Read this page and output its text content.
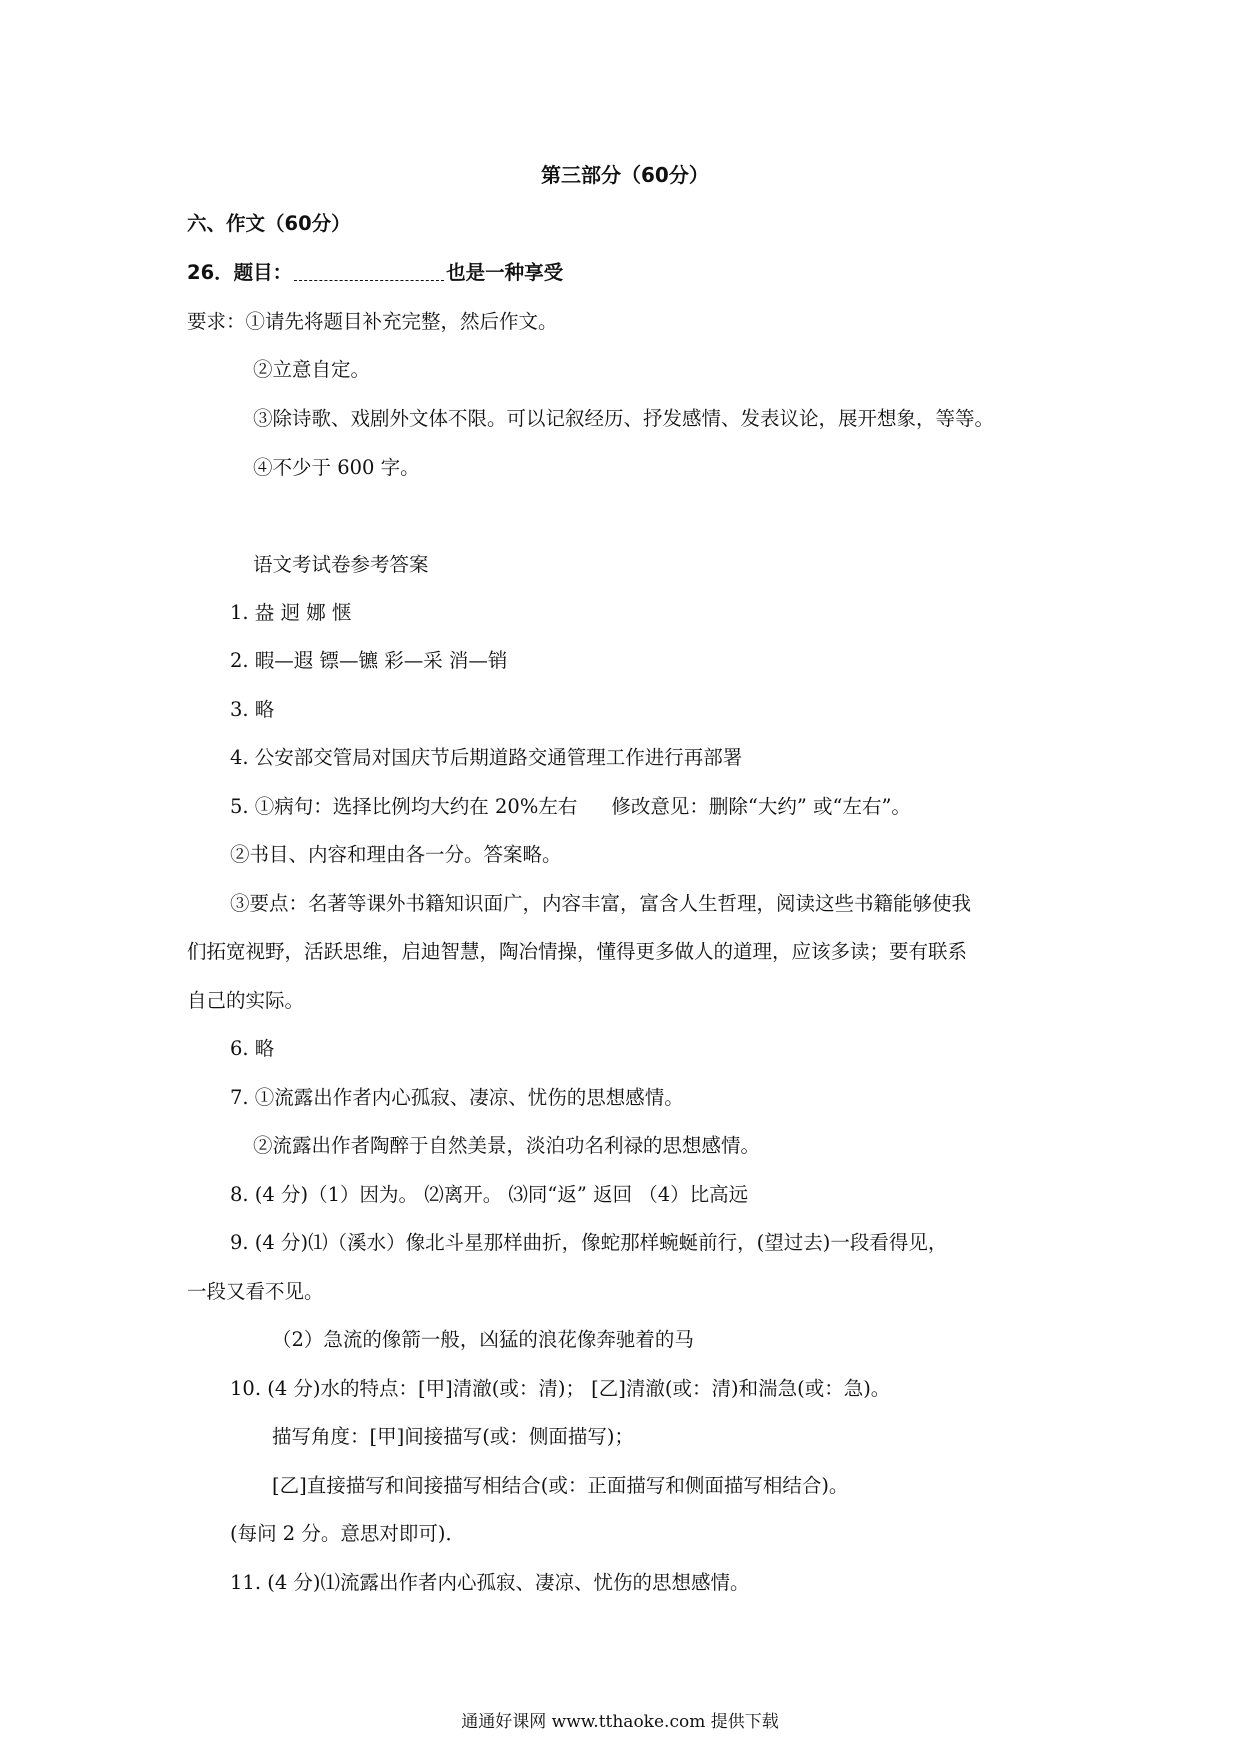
第三部分（60分）
六、作文（60分）
26．题目：	也是一种享受
要求：①请先将题目补充完整，然后作文。
②立意自定。
③除诗歌、戏剧外文体不限。可以记叙经历、抒发感情、发表议论，展开想象，等等。
④不少于 600 字。
语文考试卷参考答案
1. 盎 迥 娜 惬
2. 暇—遐 镖—镳 彩—采 消—销
3. 略
4. 公安部交管局对国庆节后期道路交通管理工作进行再部署
5. ①病句：选择比例均大约在 20%左右 修改意见：删除“大约” 或“左右”。
②书目、内容和理由各一分。答案略。
③要点：名著等课外书籍知识面广，内容丰富，富含人生哲理，阅读这些书籍能够使我
们拓宽视野，活跃思维，启迪智慧，陶冶情操，懂得更多做人的道理，应该多读；要有联系
自己的实际。
6. 略
7. ①流露出作者内心孤寂、凄凉、忧伤的思想感情。
②流露出作者陶醉于自然美景，淡泊功名利禄的思想感情。
8. (4 分)（1）因为。 ⑵离开。 ⑶同“返” 返回 （4）比高远
9. (4 分)⑴（溪水）像北斗星那样曲折，像蛇那样蜿蜒前行，(望过去)一段看得见，
一段又看不见。
（2）急流的像箭一般，凶猛的浪花像奔驰着的马
10. (4 分)水的特点：[甲]清澈(或：清)； [乙]清澈(或：清)和湍急(或：急)。
描写角度：[甲]间接描写(或：侧面描写)；
[乙]直接描写和间接描写相结合(或：正面描写和侧面描写相结合)。
(每问 2 分。意思对即可)．
11. (4 分)⑴流露出作者内心孤寂、凄凉、忧伤的思想感情。
通通好课网 www.tthaoke.com 提供下载
